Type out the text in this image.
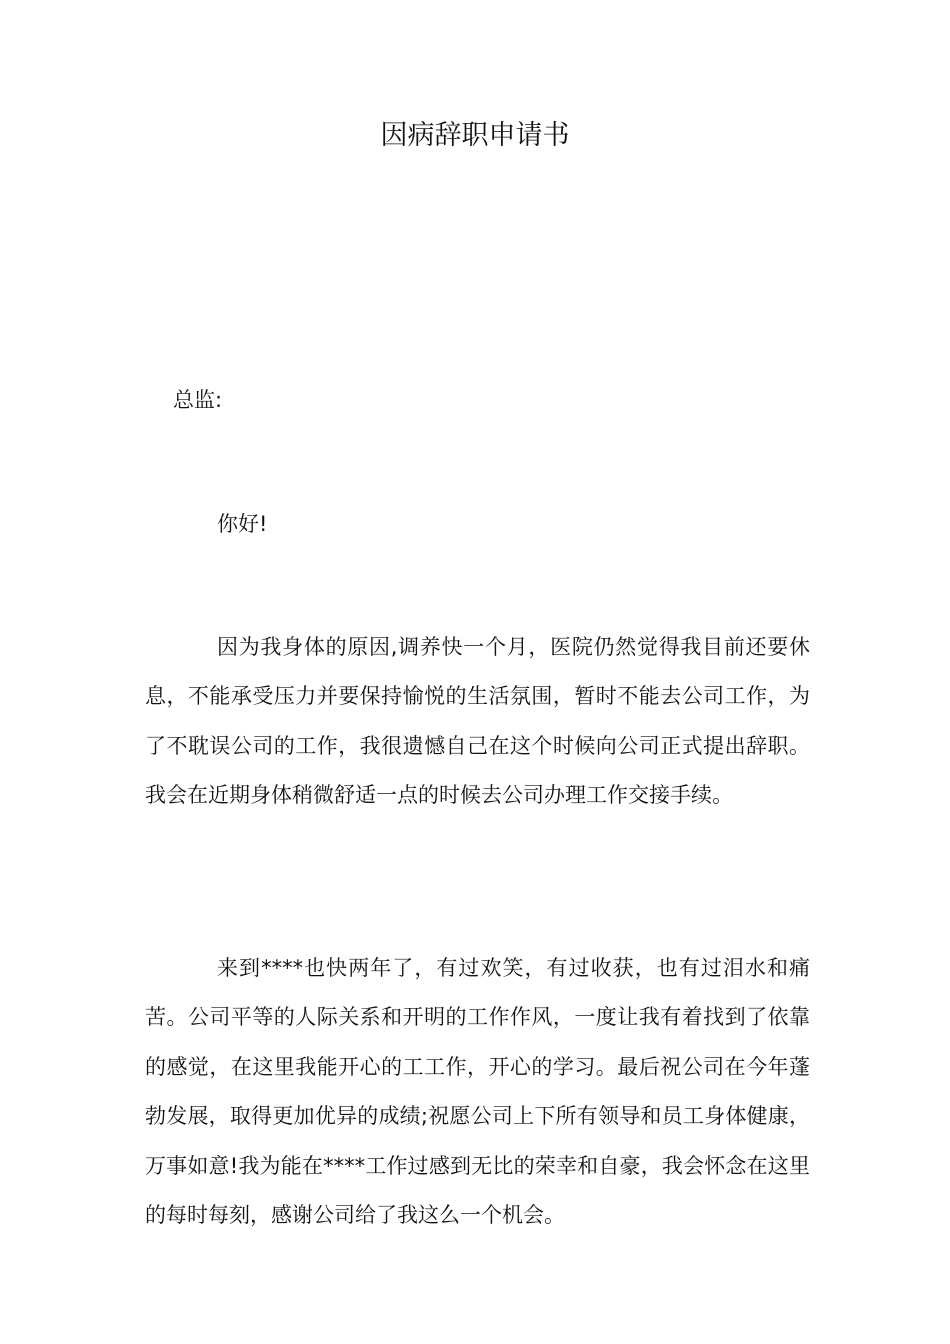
因病辞职申请书
总监:
你好!

因为我身体的原因,调养快一个月，医院仍然觉得我目前还要休息，不能承受压力并要保持愉悦的生活氛围，暂时不能去公司工作，为了不耽误公司的工作，我很遗憾自己在这个时候向公司正式提出辞职。我会在近期身体稍微舒适一点的时候去公司办理工作交接手续。

来到****也快两年了，有过欢笑，有过收获，也有过泪水和痛苦。公司平等的人际关系和开明的工作作风，一度让我有着找到了依靠的感觉，在这里我能开心的工工作，开心的学习。最后祝公司在今年蓬勃发展，取得更加优异的成绩;祝愿公司上下所有领导和员工身体健康，万事如意!我为能在****工作过感到无比的荣幸和自豪，我会怀念在这里的每时每刻，感谢公司给了我这么一个机会。
